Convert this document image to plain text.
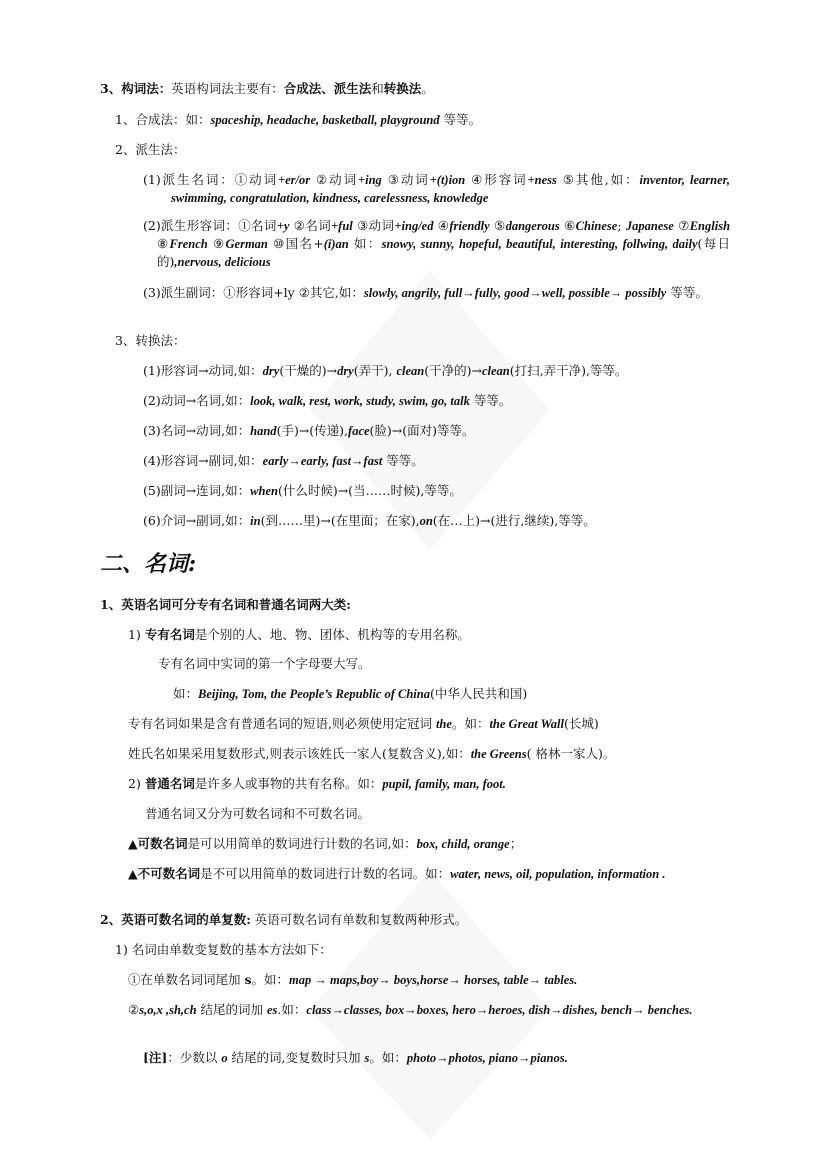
3、构词法：英语构词法主要有：合成法、派生法和转换法。
1、合成法：如：spaceship, headache, basketball, playground 等等。
2、派生法：
(1)派生名词：①动词+er/or ②动词+ing ③动词+(t)ion ④形容词+ness ⑤其他,如：inventor, learner, swimming, congratulation, kindness, carelessness, knowledge
(2)派生形容词：①名词+y ②名词+ful ③动词+ing/ed ④friendly ⑤dangerous ⑥Chinese; Japanese ⑦English ⑧French ⑨German ⑩国名+(i)an 如：snowy, sunny, hopeful, beautiful, interesting, follwing, daily(每日的),nervous, delicious
(3)派生副词：①形容词+ly ②其它,如：slowly, angrily, full→fully, good→well, possible→ possibly 等等。
3、转换法：
(1)形容词→动词,如：dry(干燥的)→dry(弄干), clean(干净的)→clean(打扫,弄干净),等等。
(2)动词→名词,如：look, walk, rest, work, study, swim, go, talk 等等。
(3)名词→动词,如：hand(手)→(传递),face(脸)→(面对)等等。
(4)形容词→副词,如：early→early, fast→fast 等等。
(5)副词→连词,如：when(什么时候)→(当……时候),等等。
(6)介词→副词,如：in(到……里)→(在里面；在家),on(在…上)→(进行,继续),等等。
二、名词:
1、英语名词可分专有名词和普通名词两大类:
1) 专有名词是个别的人、地、物、团体、机构等的专用名称。
专有名词中实词的第一个字母要大写。
如：Beijing, Tom, the People’s Republic of China(中华人民共和国)
专有名词如果是含有普通名词的短语,则必须使用定冠词 the。如：the Great Wall(长城)
姓氏名如果采用复数形式,则表示该姓氏一家人(复数含义),如：the Greens( 格林一家人)。
2) 普通名词是许多人或事物的共有名称。如：pupil, family, man, foot.
普通名词又分为可数名词和不可数名词。
▲可数名词是可以用简单的数词进行计数的名词,如：box, child, orange；
▲不可数名词是不可以用简单的数词进行计数的名词。如：water, news, oil, population, information .
2、英语可数名词的单复数: 英语可数名词有单数和复数两种形式。
1) 名词由单数变复数的基本方法如下：
①在单数名词词尾加 s。如：map → maps,boy→ boys,horse→ horses, table→ tables.
②s,o,x ,sh,ch 结尾的词加 es.如：class→classes, box→boxes, hero→heroes, dish→dishes, bench→ benches.
[注]：少数以 o 结尾的词,变复数时只加 s。如：photo→photos, piano→pianos.
